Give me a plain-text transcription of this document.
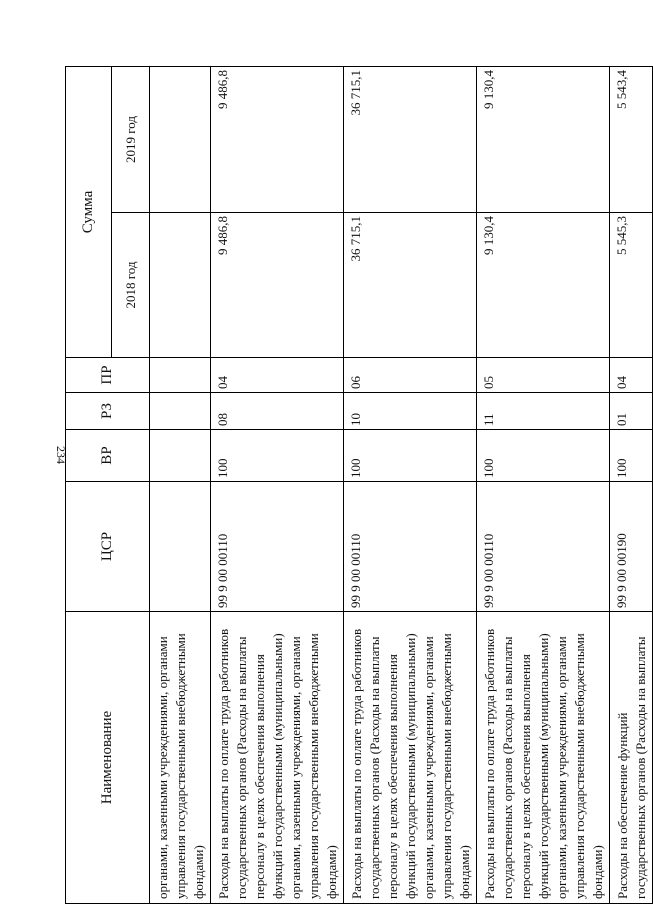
234
Наименование	ЦСР	ВР	РЗ	ПР	Сумма	
					2018 год	2019 год
органами, казенными учреждениями, органами управления государственными внебюджетными фондами)						
Расходы на выплаты по оплате труда работников государственных органов (Расходы на выплаты персоналу в целях обеспечения выполнения функций государственными (муниципальными) органами, казенными учреждениями, органами управления государственными внебюджетными фондами)	99 9 00 00110	100	08	04	9 486,8	9 486,8
Расходы на выплаты по оплате труда работников государственных органов (Расходы на выплаты персоналу в целях обеспечения выполнения функций государственными (муниципальными) органами, казенными учреждениями, органами управления государственными внебюджетными фондами)	99 9 00 00110	100	10	06	36 715,1	36 715,1
Расходы на выплаты по оплате труда работников государственных органов (Расходы на выплаты персоналу в целях обеспечения выполнения функций государственными (муниципальными) органами, казенными учреждениями, органами управления государственными внебюджетными фондами)	99 9 00 00110	100	11	05	9 130,4	9 130,4
Расходы на обеспечение функций государственных органов (Расходы на выплаты	99 9 00 00190	100	01	04	5 545,3	5 543,4
